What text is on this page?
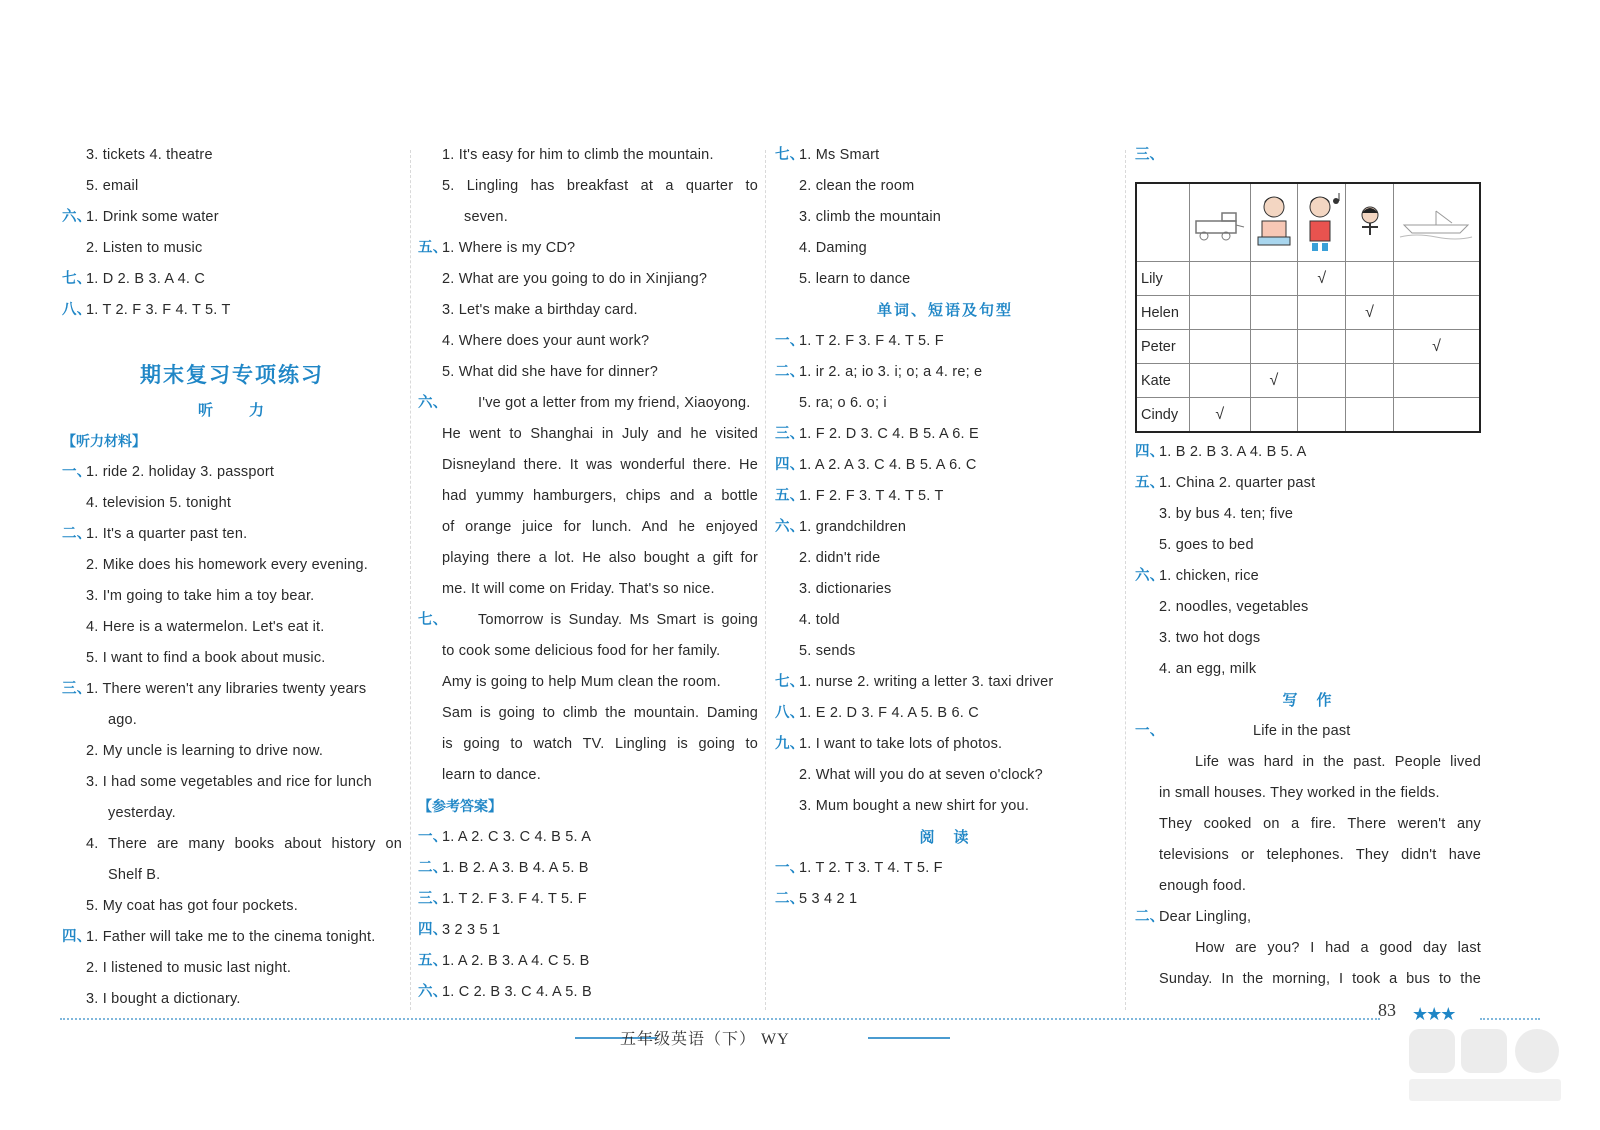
3. tickets 4. theatre
5. email
六、
1. Drink some water
2. Listen to music
七、
1. D 2. B 3. A 4. C
八、
1. T 2. F 3. F 4. T 5. T
期末复习专项练习
听　　力
【听力材料】
一、
1. ride 2. holiday 3. passport
4. television 5. tonight
二、
1. It's a quarter past ten.
2. Mike does his homework every evening.
3. I'm going to take him a toy bear.
4. Here is a watermelon. Let's eat it.
5. I want to find a book about music.
三、
1. There weren't any libraries twenty years
ago.
2. My uncle is learning to drive now.
3. I had some vegetables and rice for lunch
yesterday.
4. There are many books about history on
Shelf B.
5. My coat has got four pockets.
四、
1. Father will take me to the cinema tonight.
2. I listened to music last night.
3. I bought a dictionary.
1. It's easy for him to climb the mountain.
5. Lingling has breakfast at a quarter to
seven.
五、
1. Where is my CD?
2. What are you going to do in Xinjiang?
3. Let's make a birthday card.
4. Where does your aunt work?
5. What did she have for dinner?
六、 I've got a letter from my friend, Xiaoyong.
He went to Shanghai in July and he visited
Disneyland there. It was wonderful there. He
had yummy hamburgers, chips and a bottle
of orange juice for lunch. And he enjoyed
playing there a lot. He also bought a gift for
me. It will come on Friday. That's so nice.
七、 Tomorrow is Sunday. Ms Smart is going
to cook some delicious food for her family.
Amy is going to help Mum clean the room.
Sam is going to climb the mountain. Daming
is going to watch TV. Lingling is going to
learn to dance.
【参考答案】
一、
1. A 2. C 3. C 4. B 5. A
二、
1. B 2. A 3. B 4. A 5. B
三、
1. T 2. F 3. F 4. T 5. F
四、
3 2 3 5 1
五、
1. A 2. B 3. A 4. C 5. B
六、
1. C 2. B 3. C 4. A 5. B
七、
1. Ms Smart
2. clean the room
3. climb the mountain
4. Daming
5. learn to dance
单词、短语及句型
一、
1. T 2. F 3. F 4. T 5. F
二、
1. ir 2. a; io 3. i; o; a 4. re; e
5. ra; o 6. o; i
三、
1. F 2. D 3. C 4. B 5. A 6. E
四、
1. A 2. A 3. C 4. B 5. A 6. C
五、
1. F 2. F 3. T 4. T 5. T
六、
1. grandchildren
2. didn't ride
3. dictionaries
4. told
5. sends
七、
1. nurse 2. writing a letter 3. taxi driver
八、
1. E 2. D 3. F 4. A 5. B 6. C
九、
1. I want to take lots of photos.
2. What will you do at seven o'clock?
3. Mum bought a new shirt for you.
阅　读
一、
1. T 2. T 3. T 4. T 5. F
二、
5 3 4 2 1
三、

Lily			√		
Helen				√	
Peter					√
Kate		√			
Cindy	√				
四、
1. B 2. B 3. A 4. B 5. A
五、
1. China 2. quarter past
3. by bus 4. ten; five
5. goes to bed
六、
1. chicken, rice
2. noodles, vegetables
3. two hot dogs
4. an egg, milk
写　作
一、	Life in the past
Life was hard in the past. People lived
in small houses. They worked in the fields.
They cooked on a fire. There weren't any
televisions or telephones. They didn't have
enough food.
二、
Dear Lingling,
How are you? I had a good day last
Sunday. In the morning, I took a bus to the
83 ★★★
五年级英语（下） WY
